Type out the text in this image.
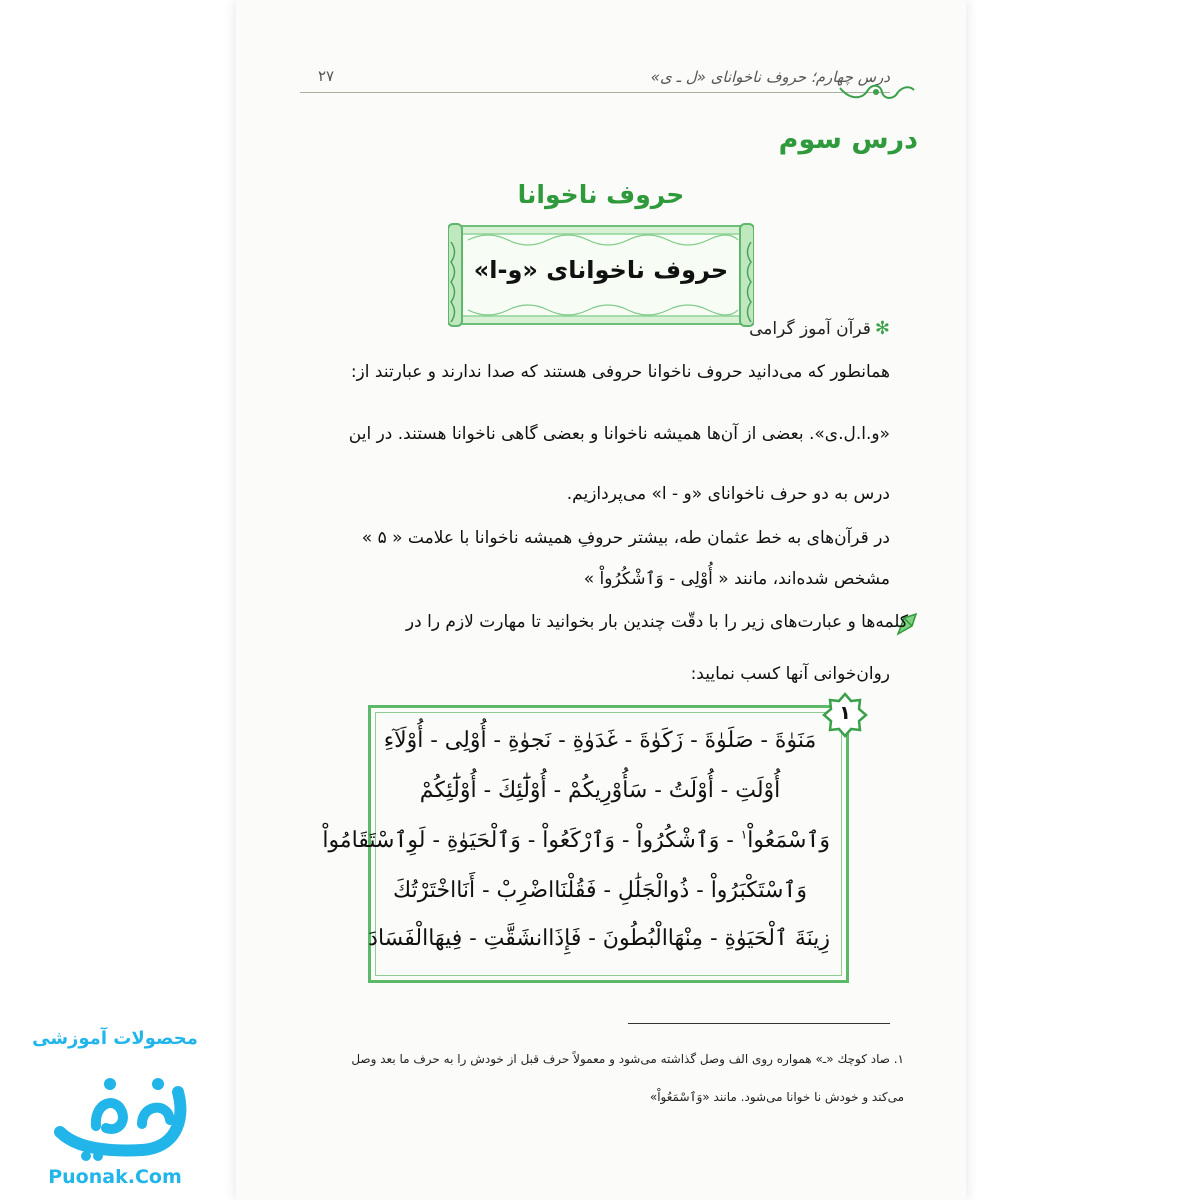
درس چهارم؛ حروف ناخوانای «ل ـ ی»
۲۷
درس سوم
حروف ناخوانا
حروف ناخوانای «و-ا»
✻قرآن آموز گرامی
همانطور که می‌دانید حروف ناخوانا حروفی هستند که صدا ندارند و عبارتند از:
«و.ا.ل.ی». بعضی از آن‌ها همیشه ناخوانا و بعضی گاهی ناخوانا هستند. در این
درس به دو حرف ناخوانای «و - ا» می‌پردازیم.
در قرآن‌های به خط عثمان طه، بیشتر حروفِ همیشه ناخوانا با علامت « ۵ »
مشخص شده‌اند، مانند « أُوْلِی - وَٱشْکُرُواْ »
کلمه‌ها و عبارت‌های زیر را با دقّت چندین بار بخوانید تا مهارت لازم را در
روان‌خوانی آنها کسب نمایید:
۱
مَنَوٰةَ - صَلَوٰةَ - زَكَوٰةَ - غَدَوٰةِ - نَجوٰةِ - أُوْلِی - أُوْلَآءِ
أُوْلَتِ - أُوْلَتُ - سَأُوْرِيكُمْ - أُوْلَٰٓئِكَ - أُوْلَٰٓئِكُمْ
وَٱسْمَعُواْ$^۱$ - وَٱشْكُرُواْ - وَٱرْكَعُواْ - وَٱلْحَيَوٰةِ - لَوِٱسْتَقَامُواْ
وَٱسْتَكْبَرُواْ - ذُوالْجَلَٰلِ - فَقُلْنَااضْرِبْ - أَنَااخْتَرْتُكَ
زِينَةَ ٱلْحَيَوٰةِ - مِنْهَاالْبُطُونَ - فَإِذَاانشَقَّتِ - فِيهَاالْفَسَادَ
۱. صاد کوچك «ـ» همواره روی الف وصل گذاشته می‌شود و معمولاً حرف قبل از خودش را به حرف ما بعد وصل
می‌کند و خودش نا خوانا می‌شود. مانند «وَٱسْمَعُواْ»
محصولات آموزشی
Puonak.Com
